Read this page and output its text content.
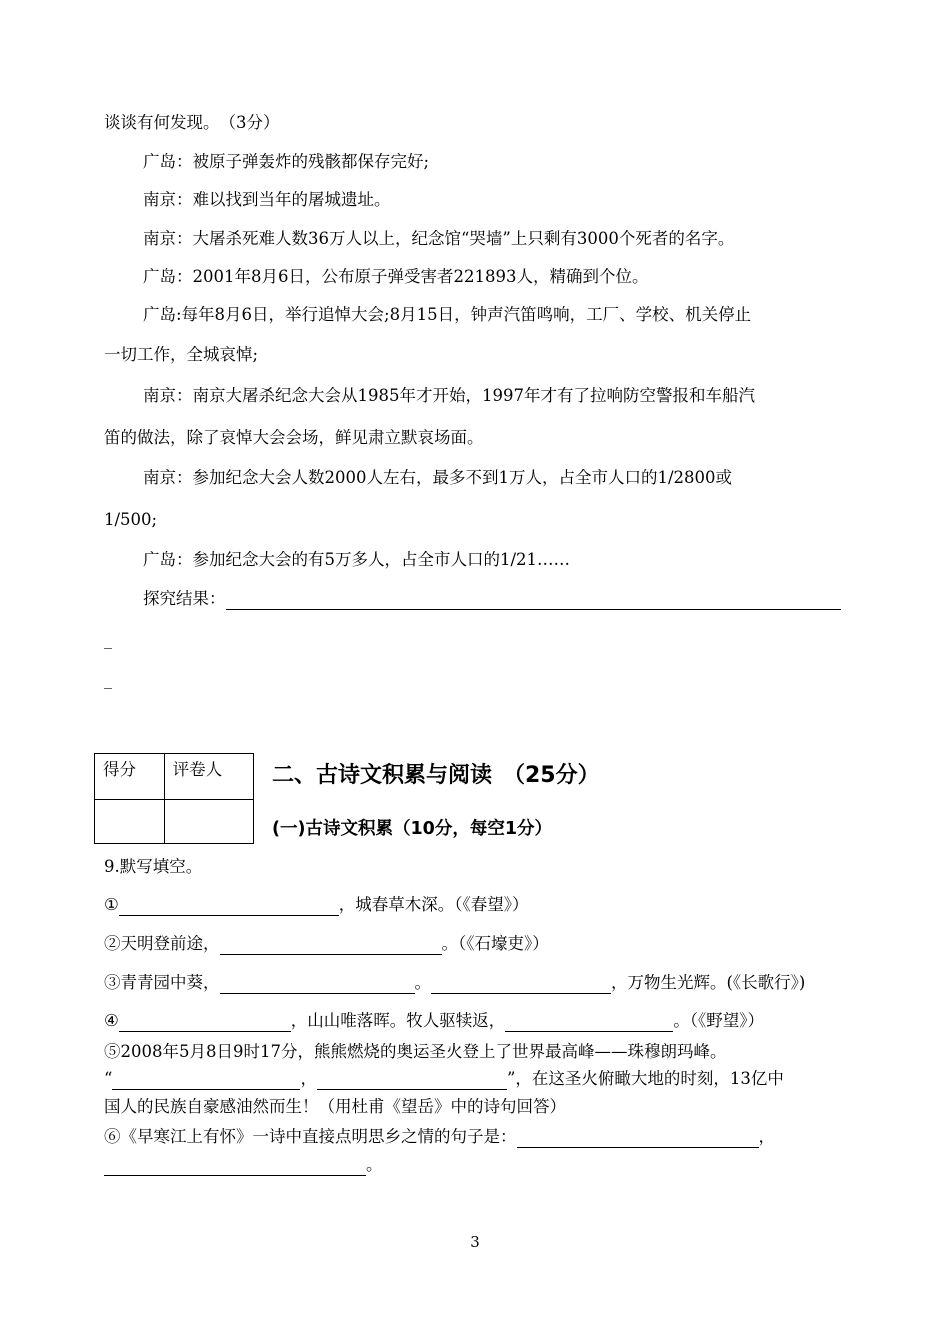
谈谈有何发现。　（3分）
广岛：被原子弹轰炸的残骸都保存完好;
南京：难以找到当年的屠城遗址。
南京：大屠杀死难人数36万人以上，纪念馆“哭墙”上只剩有3000个死者的名字。
广岛：2001年8月6日，公布原子弹受害者221893人，精确到个位。
广岛:每年8月6日，举行追悼大会;8月15日，钟声汽笛鸣响，工厂、学校、机关停止
一切工作，全城哀悼;
南京：南京大屠杀纪念大会从1985年才开始，1997年才有了拉响防空警报和车船汽
笛的做法，除了哀悼大会会场，鲜见肃立默哀场面。
南京：参加纪念大会人数2000人左右，最多不到1万人，占全市人口的1/2800或
1/500;
广岛：参加纪念大会的有5万多人，占全市人口的1/21……
探究结果：
_
_
得分	评卷人
	二、古诗文积累与阅读　（25分）
(一)古诗文积累（10分，每空1分）
9.默写填空。
①	，城春草木深。（《春望》）
②天明登前途，	。（《石壕吏》）
③青青园中葵，	。	，万物生光辉。(《长歌行》)
④	，山山唯落晖。牧人驱犊返，	。（《野望》）
⑤2008年5月8日9时17分，熊熊燃烧的奥运圣火登上了世界最高峰——珠穆朗玛峰。
“	，	”，在这圣火俯瞰大地的时刻，13亿中
国人的民族自豪感油然而生！（用杜甫《望岳》中的诗句回答）
⑥《早寒江上有怀》一诗中直接点明思乡之情的句子是：	，
。
3
